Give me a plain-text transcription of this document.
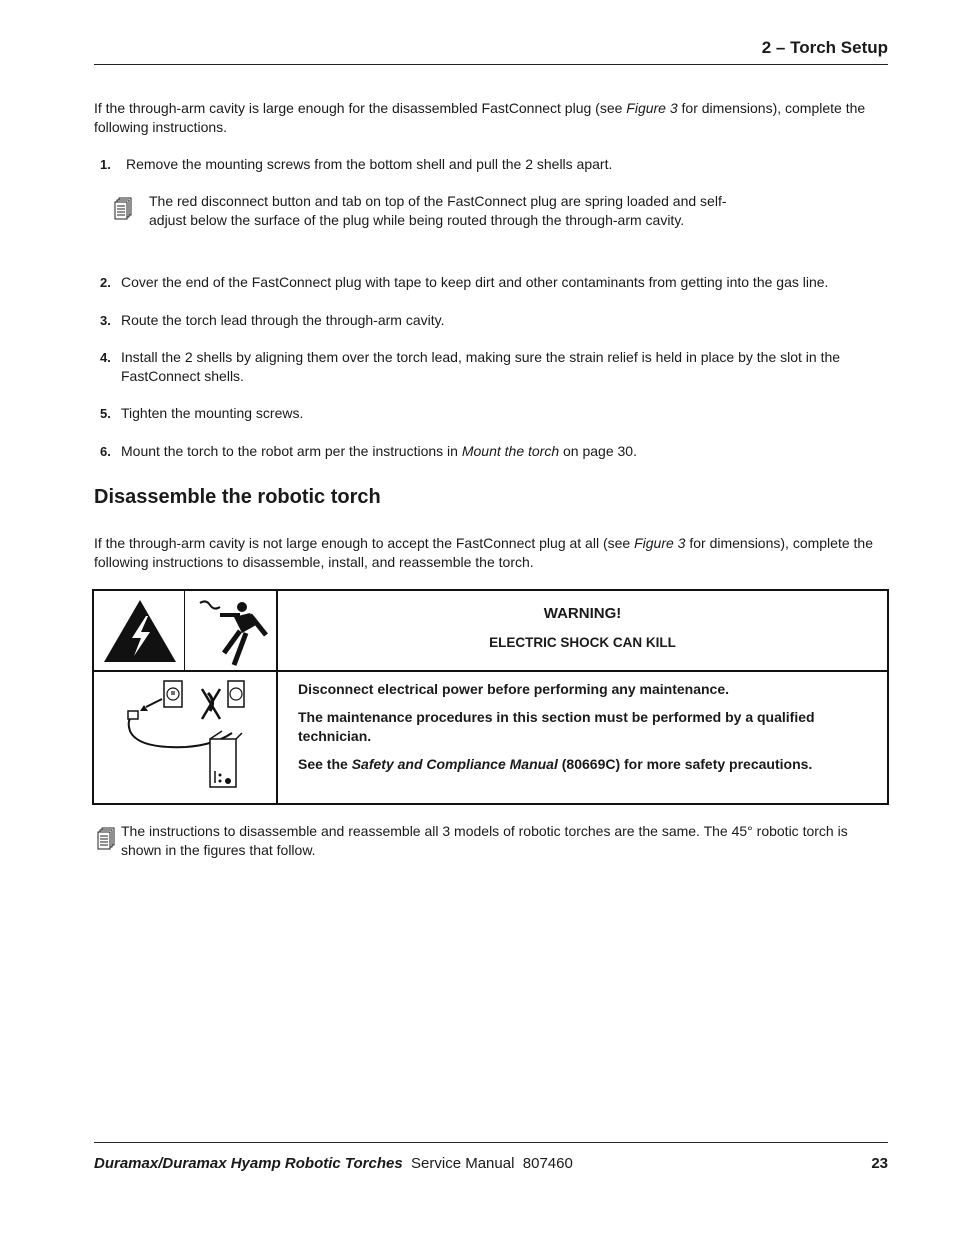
2 – Torch Setup

If the through-arm cavity is large enough for the disassembled FastConnect plug (see Figure 3 for dimensions), complete the following instructions.

1. Remove the mounting screws from the bottom shell and pull the 2 shells apart.
The red disconnect button and tab on top of the FastConnect plug are spring loaded and self-adjust below the surface of the plug while being routed through the through-arm cavity.
2. Cover the end of the FastConnect plug with tape to keep dirt and other contaminants from getting into the gas line.
3. Route the torch lead through the through-arm cavity.
4. Install the 2 shells by aligning them over the torch lead, making sure the strain relief is held in place by the slot in the FastConnect shells.
5. Tighten the mounting screws.
6. Mount the torch to the robot arm per the instructions in Mount the torch on page 30.
Disassemble the robotic torch

If the through-arm cavity is not large enough to accept the FastConnect plug at all (see Figure 3 for dimensions), complete the following instructions to disassemble, install, and reassemble the torch.

WARNING!
ELECTRIC SHOCK CAN KILL
Disconnect electrical power before performing any maintenance.
The maintenance procedures in this section must be performed by a qualified technician.
See the Safety and Compliance Manual (80669C) for more safety precautions.
The instructions to disassemble and reassemble all 3 models of robotic torches are the same. The 45° robotic torch is shown in the figures that follow.
Duramax/Duramax Hyamp Robotic Torches  Service Manual  807460	23
